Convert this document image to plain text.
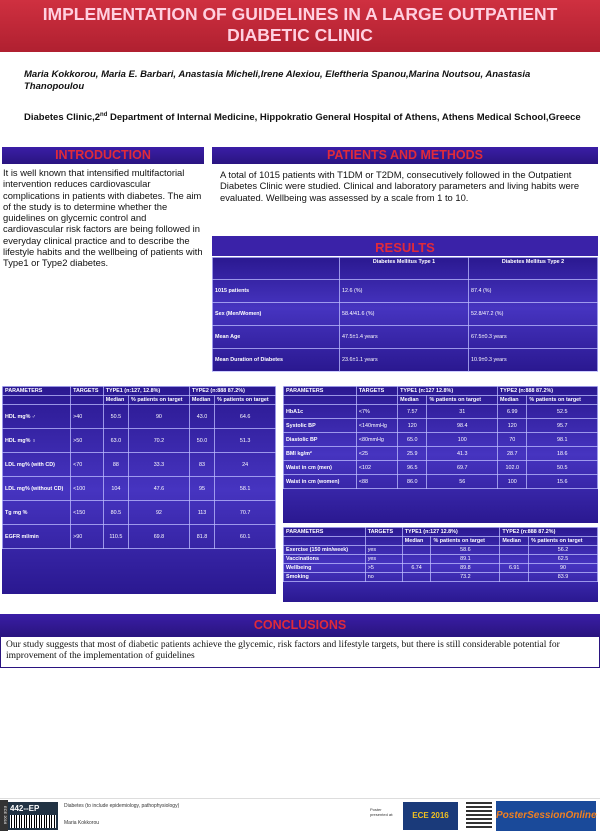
IMPLEMENTATION OF GUIDELINES IN A LARGE OUTPATIENT DIABETIC CLINIC
Maria Kokkorou, Maria E. Barbari, Anastasia Micheli,Irene Alexiou, Eleftheria Spanou,Marina Noutsou, Anastasia Thanopoulou
Diabetes Clinic,2nd Department of Internal Medicine, Hippokratio General Hospital of Athens, Athens Medical School,Greece
INTRODUCTION
It is well known that intensified multifactorial intervention reduces cardiovascular complications in patients with diabetes. The aim of the study is to determine whether the guidelines on glycemic control and cardiovascular risk factors are being followed in everyday clinical practice and to describe the lifestyle habits and the wellbeing of patients with Type1 or Type2 diabetes.
PATIENTS AND METHODS
A total of 1015 patients with T1DM or T2DM, consecutively followed in the Outpatient Diabetes Clinic were studied. Clinical and laboratory parameters and living habits were evaluated. Wellbeing was assessed by a scale from 1 to 10.
RESULTS
	Diabetes Mellitus Type 1	Diabetes Mellitus Type 2
1015 patients	12.6 (%)	87.4 (%)
Sex (Men/Women)	58.4/41.6 (%)	52.8/47.2 (%)
Mean Age	47.5±1.4 years	67.5±0.3 years
Mean Duration of Diabetes	23.6±1.1 years	10.9±0.3 years
PARAMETERS	TARGETS	TYPE1 (n:127, 12.8%)		TYPE2 (n:888 87.2%)	
		Median	% patients on target	Median	% patients on target
HDL mg% ♂	>40	50.5	90	43.0	64.6
HDL mg% ♀	>50	63.0	70.2	50.0	51.3
LDL mg% (with CD)	<70	88	33.3	83	24
LDL mg% (without CD)	<100	104	47.6	95	58.1
Tg mg %	<150	80.5	92	113	70.7
EGFR ml/min	>90	110.5	69.8	81.8	60.1
PARAMETERS	TARGETS	TYPE1 (n:127 12.8%)		TYPE2 (n:888 87.2%)	
		Median	% patients on target	Median	% patients on target
HbA1c	<7%	7.57	31	6.99	52.5
Systolic BP	<140mmHg	120	98.4	120	95.7
Diastolic BP	<80mmHg	65.0	100	70	98.1
BMI kg/m²	<25	25.9	41.3	28.7	18.6
Waist in cm (men)	<102	96.5	69.7	102.0	50.5
Waist in cm (women)	<88	86.0	56	100	15.6
PARAMETERS	TARGETS	TYPE1 (n:127 12.8%)		TYPE2 (n:888 87.2%)	
		Median	% patients on target	Median	% patients on target
Exercise (150 min/week)	yes		58.6		56.2
Vaccinations	yes		89.1		62.5
Wellbeing	>5	6.74	89.8	6.91	90
Smoking	no		73.2		83.9
CONCLUSIONS
Our study suggests that most of diabetic patients achieve the glycemic, risk factors and lifestyle targets, but there is still considerable potential for improvement of the implementation of guidelines
ECE 2016 442--EP	Diabetes (to include epidemiology, pathophysiology)
Maria Kokkorou
Poster presented at:	ECE 2016	PosterSessionOnline
